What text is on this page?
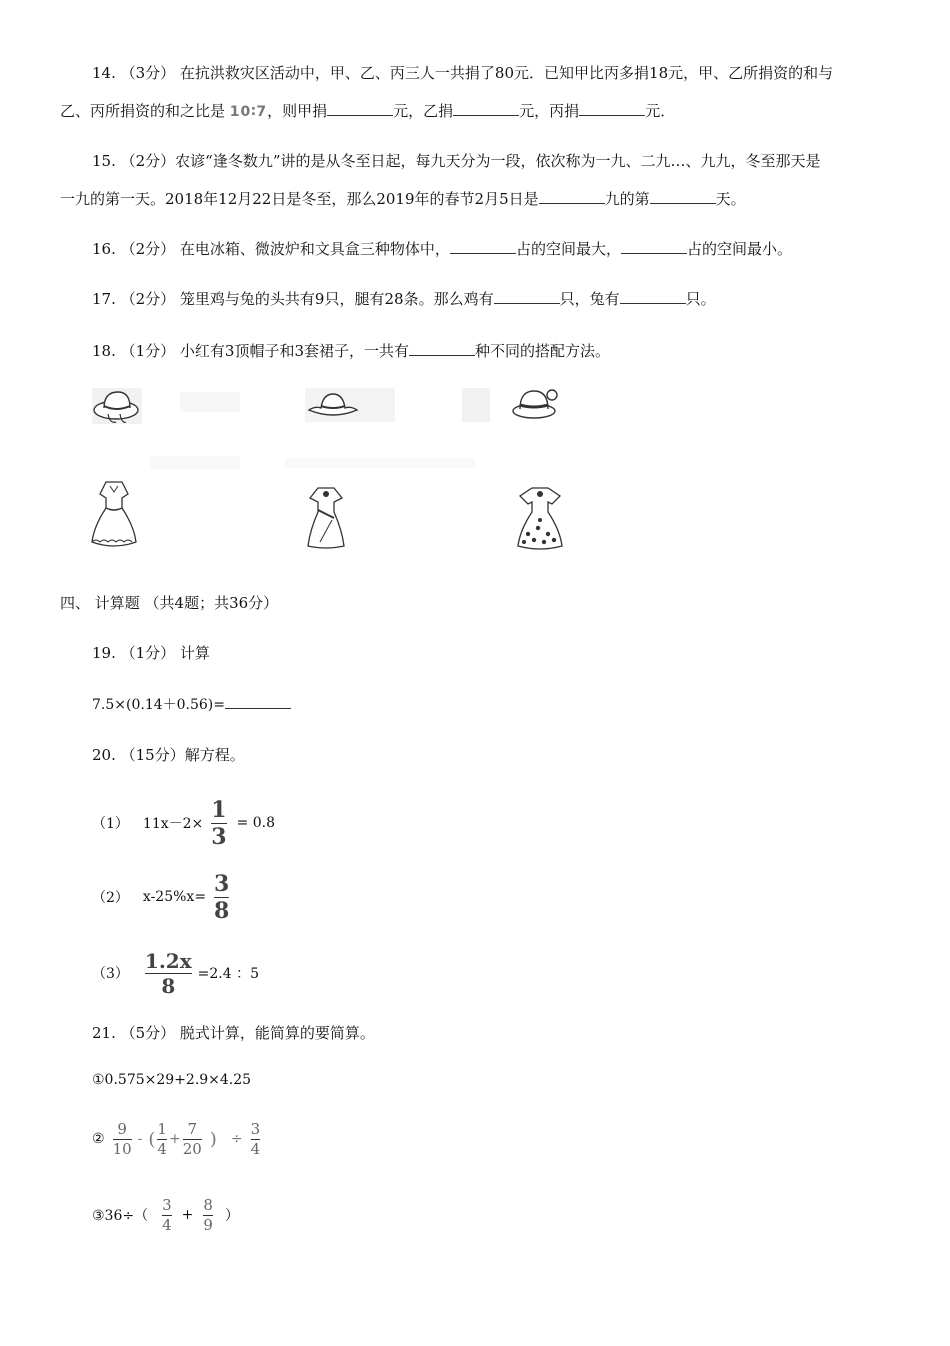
14. （3分） 在抗洪救灾区活动中，甲、乙、丙三人一共捐了80元．已知甲比丙多捐18元，甲、乙所捐资的和与
乙、丙所捐资的和之比是 10∶7，则甲捐	元，乙捐	元，丙捐	元．
15. （2分）农谚“逢冬数九”讲的是从冬至日起，每九天分为一段，依次称为一九、二九…、九九，冬至那天是
一九的第一天。2018年12月22日是冬至，那么2019年的春节2月5日是	九的第	天。
16. （2分） 在电冰箱、微波炉和文具盒三种物体中，	占的空间最大，	占的空间最小。
17. （2分） 笼里鸡与兔的头共有9只，腿有28条。那么鸡有	只，兔有	只。
18. （1分） 小红有3顶帽子和3套裙子，一共有	种不同的搭配方法。
四、 计算题 （共4题；共36分）
19. （1分） 计算
7.5×(0.14＋0.56)=
20. （15分）解方程。
（1） $11x-2\times \frac{1}{3} = 0.8$
（2） $x-25\%x= \frac{3}{8}$
$(3) \frac{1.2x}{8} =2.4$ ：5
21. （5分） 脱式计算，能简算的要简算。
①0.575×29+2.9×4.25
② $\frac{9}{10}$ - ( $\frac{1}{4} + \frac{7}{20}$ ) ÷ $\frac{3}{4}$
③36÷（ $\frac{3}{4} + \frac{8}{9}$ ）
